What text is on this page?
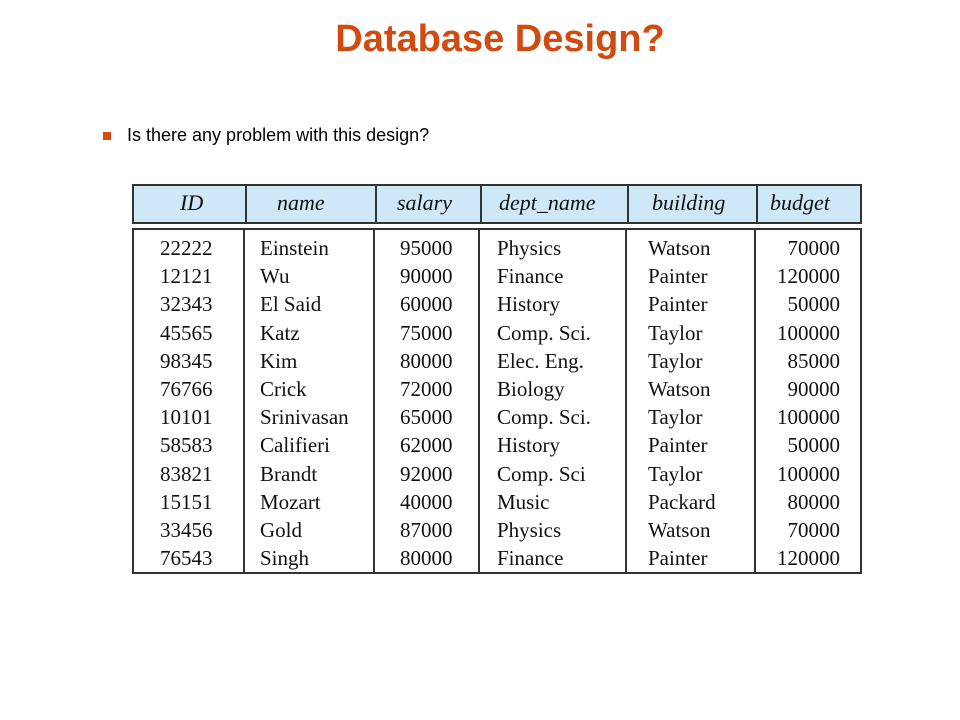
Database Design?
Is there any problem with this design?
ID	name	salary dept_name	building budget
22222 Einstein	95000 Physics	Watson	70000
12121 Wu	90000 Finance	Painter	120000
32343 El Said	60000 History	Painter	50000
45565 Katz	75000 Comp. Sci.	Taylor	100000
98345 Kim	80000 Elec. Eng.	Taylor	85000
76766 Crick	72000 Biology	Watson	90000
10101 Srinivasan 65000 Comp. Sci.	Taylor	100000
58583 Califieri	62000 History	Painter	50000
83821 Brandt	92000 Comp. Sci	Taylor	100000
15151 Mozart	40000 Music	Packard	80000
33456 Gold	87000 Physics	Watson	70000
76543 Singh	80000 Finance	Painter	120000
